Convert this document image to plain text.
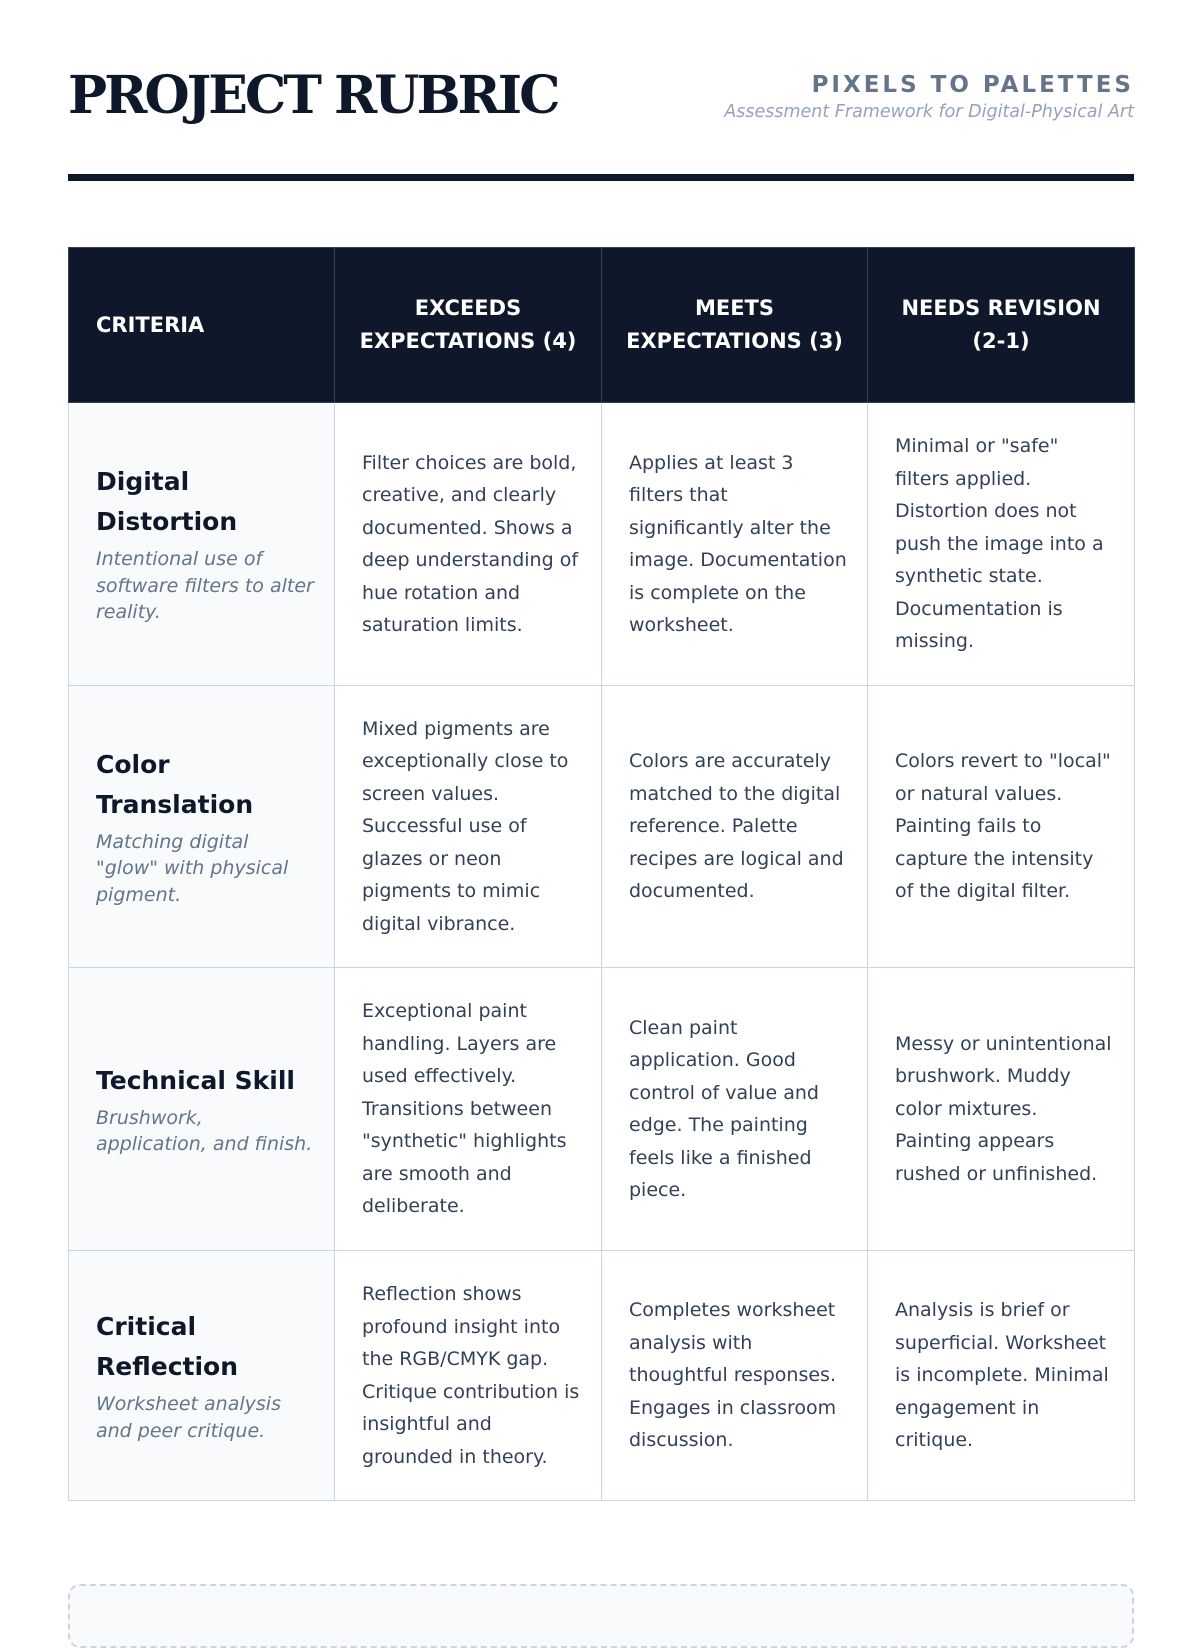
PROJECT RUBRIC	PIXELS TO PALETTES
Assessment Framework for Digital-Physical Art
CRITERIA	EXCEEDS EXPECTATIONS (4)	MEETS EXPECTATIONS (3)	NEEDS REVISION (2-1)

Digital Distortion
Intentional use of software filters to alter reality.	Filter choices are bold, creative, and clearly documented. Shows a deep understanding of hue rotation and saturation limits.	Applies at least 3 filters that significantly alter the image. Documentation is complete on the worksheet.	Minimal or "safe" filters applied. Distortion does not push the image into a synthetic state. Documentation is missing.

Color Translation
Matching digital "glow" with physical pigment.	Mixed pigments are exceptionally close to screen values. Successful use of glazes or neon pigments to mimic digital vibrance.	Colors are accurately matched to the digital reference. Palette recipes are logical and documented.	Colors revert to "local" or natural values. Painting fails to capture the intensity of the digital filter.

Technical Skill
Brushwork, application, and finish.	Exceptional paint handling. Layers are used effectively. Transitions between "synthetic" highlights are smooth and deliberate.	Clean paint application. Good control of value and edge. The painting feels like a finished piece.	Messy or unintentional brushwork. Muddy color mixtures. Painting appears rushed or unfinished.

Critical Reflection
Worksheet analysis and peer critique.	Reflection shows profound insight into the RGB/CMYK gap. Critique contribution is insightful and grounded in theory.	Completes worksheet analysis with thoughtful responses. Engages in classroom discussion.	Analysis is brief or superficial. Worksheet is incomplete. Minimal engagement in critique.
